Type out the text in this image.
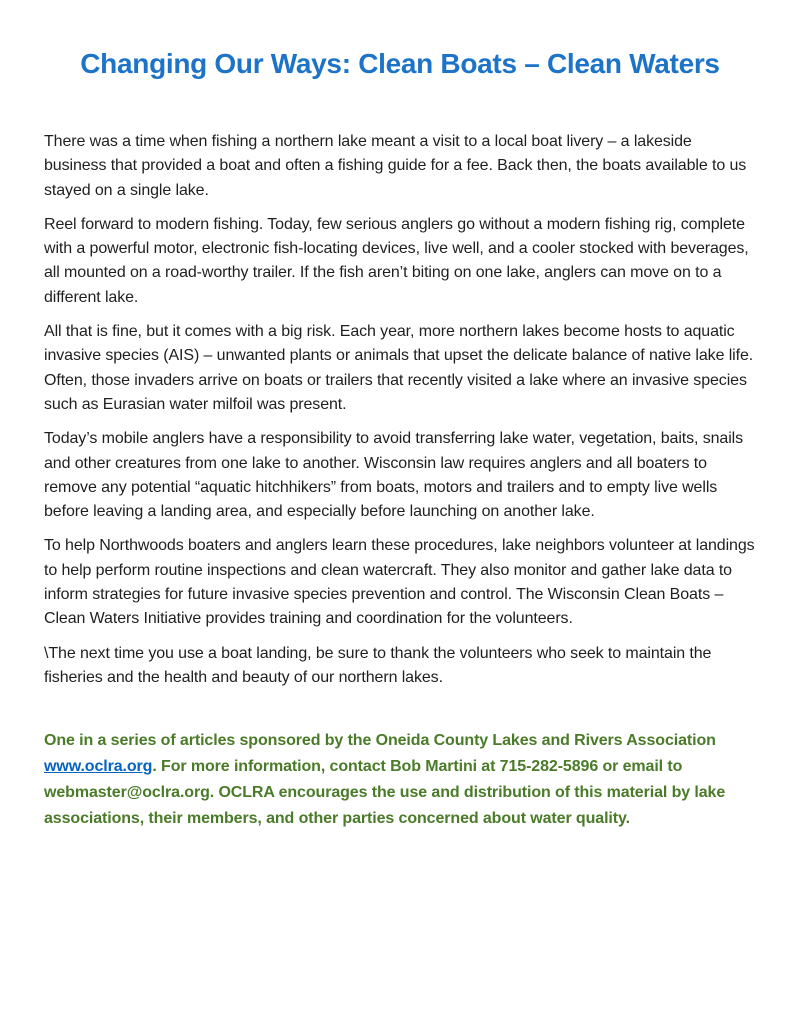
Changing Our Ways: Clean Boats – Clean Waters

There was a time when fishing a northern lake meant a visit to a local boat livery – a lakeside business that provided a boat and often a fishing guide for a fee. Back then, the boats available to us stayed on a single lake.

Reel forward to modern fishing. Today, few serious anglers go without a modern fishing rig, complete with a powerful motor, electronic fish-locating devices, live well, and a cooler stocked with beverages, all mounted on a road-worthy trailer. If the fish aren’t biting on one lake, anglers can move on to a different lake.

All that is fine, but it comes with a big risk. Each year, more northern lakes become hosts to aquatic invasive species (AIS) – unwanted plants or animals that upset the delicate balance of native lake life. Often, those invaders arrive on boats or trailers that recently visited a lake where an invasive species such as Eurasian water milfoil was present.

Today’s mobile anglers have a responsibility to avoid transferring lake water, vegetation, baits, snails and other creatures from one lake to another. Wisconsin law requires anglers and all boaters to remove any potential “aquatic hitchhikers” from boats, motors and trailers and to empty live wells before leaving a landing area, and especially before launching on another lake.

To help Northwoods boaters and anglers learn these procedures, lake neighbors volunteer at landings to help perform routine inspections and clean watercraft. They also monitor and gather lake data to inform strategies for future invasive species prevention and control. The Wisconsin Clean Boats – Clean Waters Initiative provides training and coordination for the volunteers.

\The next time you use a boat landing, be sure to thank the volunteers who seek to maintain the fisheries and the health and beauty of our northern lakes.

One in a series of articles sponsored by the Oneida County Lakes and Rivers Association www.oclra.org. For more information, contact Bob Martini at 715-282-5896 or email to webmaster@oclra.org. OCLRA encourages the use and distribution of this material by lake associations, their members, and other parties concerned about water quality.
